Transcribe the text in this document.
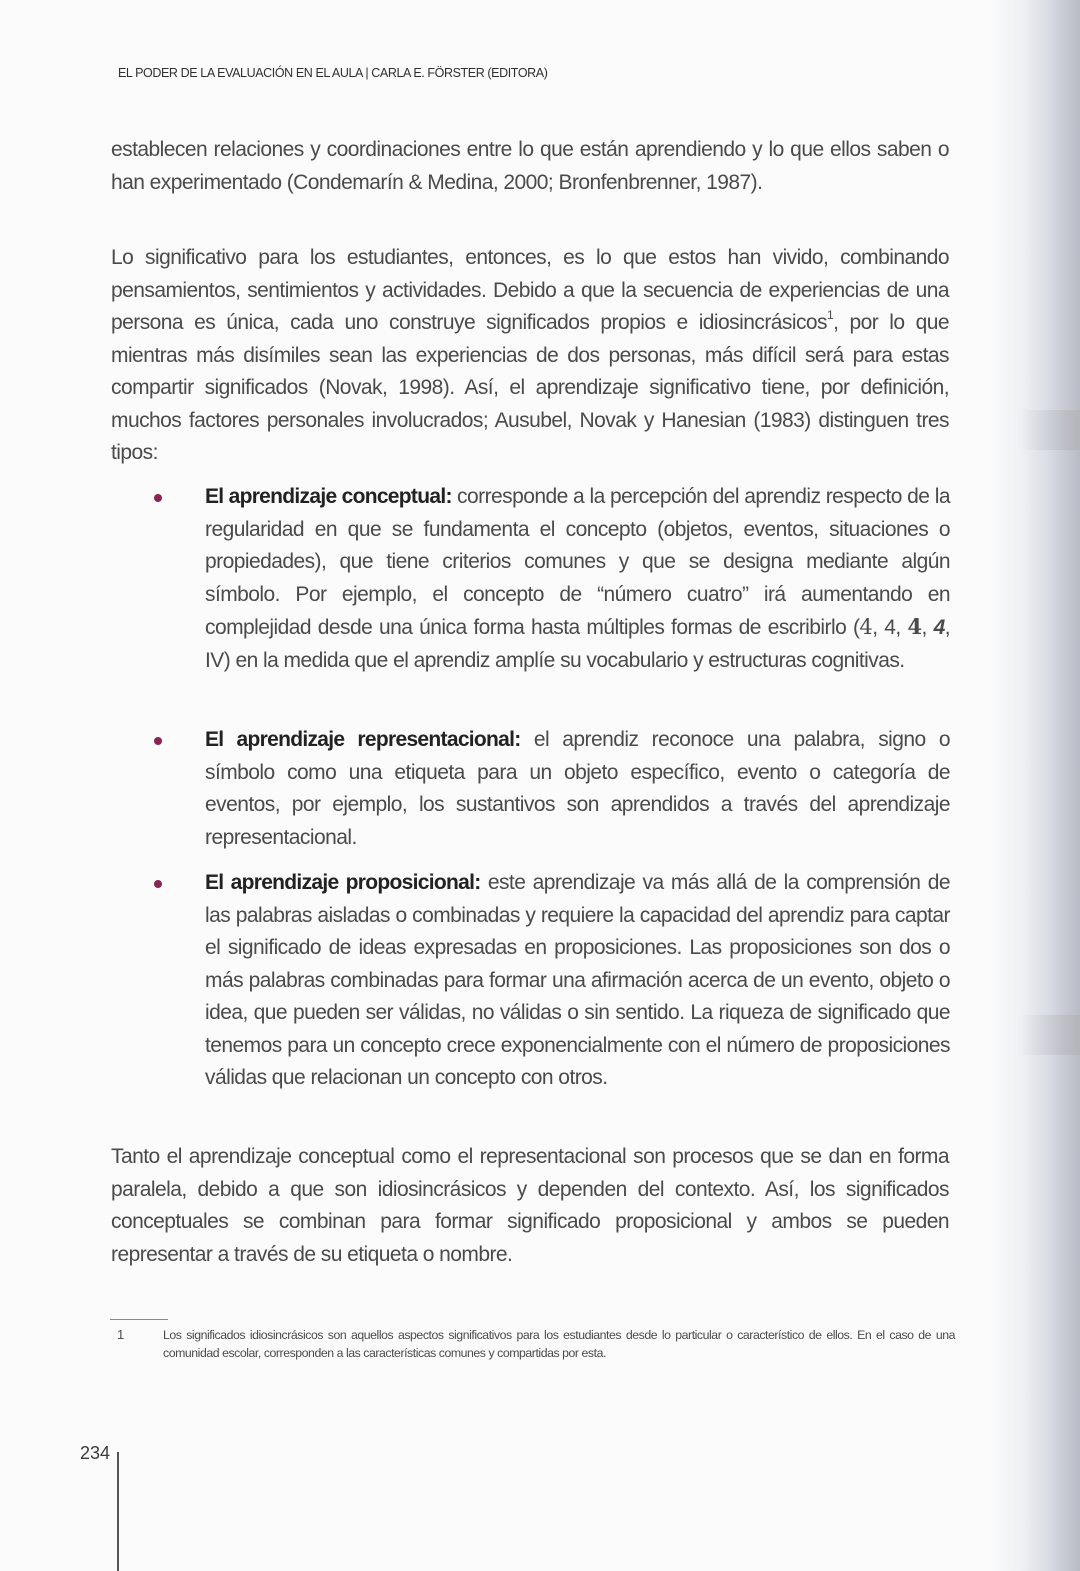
EL PODER DE LA EVALUACIÓN EN EL AULA | CARLA E. FÖRSTER (EDITORA)

establecen relaciones y coordinaciones entre lo que están aprendiendo y lo que ellos saben o han experimentado (Condemarín & Medina, 2000; Bronfenbrenner, 1987).

Lo significativo para los estudiantes, entonces, es lo que estos han vivido, combinando pensamientos, sentimientos y actividades. Debido a que la secuencia de experiencias de una persona es única, cada uno construye significados propios e idiosincrásicos$^1$, por lo que mientras más disímiles sean las experiencias de dos personas, más difícil será para estas compartir significados (Novak, 1998). Así, el aprendizaje significativo tiene, por definición, muchos factores personales involucrados; Ausubel, Novak y Hanesian (1983) distinguen tres tipos:

El aprendizaje conceptual: corresponde a la percepción del aprendiz respecto de la regularidad en que se fundamenta el concepto (objetos, eventos, situaciones o propiedades), que tiene criterios comunes y que se designa mediante algún símbolo. Por ejemplo, el concepto de “número cuatro” irá aumentando en complejidad desde una única forma hasta múltiples formas de escribirlo (4, 4, 4, 4, IV) en la medida que el aprendiz amplíe su vocabulario y estructuras cognitivas.
El aprendizaje representacional: el aprendiz reconoce una palabra, signo o símbolo como una etiqueta para un objeto específico, evento o categoría de eventos, por ejemplo, los sustantivos son aprendidos a través del aprendizaje representacional.
El aprendizaje proposicional: este aprendizaje va más allá de la comprensión de las palabras aisladas o combinadas y requiere la capacidad del aprendiz para captar el significado de ideas expresadas en proposiciones. Las proposiciones son dos o más palabras combinadas para formar una afirmación acerca de un evento, objeto o idea, que pueden ser válidas, no válidas o sin sentido. La riqueza de significado que tenemos para un concepto crece exponencialmente con el número de proposiciones válidas que relacionan un concepto con otros.

Tanto el aprendizaje conceptual como el representacional son procesos que se dan en forma paralela, debido a que son idiosincrásicos y dependen del contexto. Así, los significados conceptuales se combinan para formar significado proposicional y ambos se pueden representar a través de su etiqueta o nombre.

1	Los significados idiosincrásicos son aquellos aspectos significativos para los estudiantes desde lo particular o característico de ellos. En el caso de una comunidad escolar, corresponden a las características comunes y compartidas por esta.
234
